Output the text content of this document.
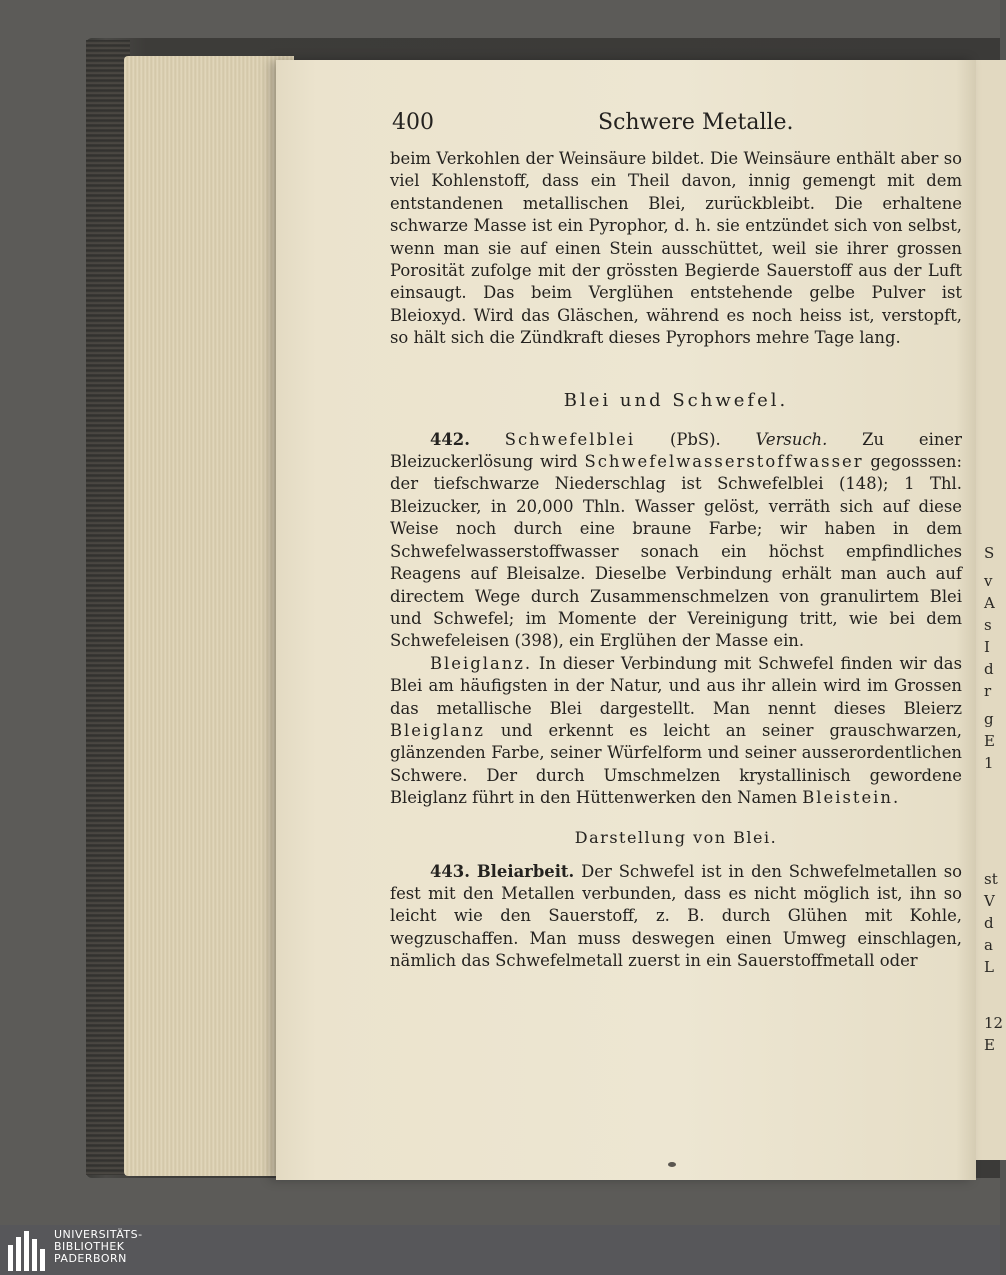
S
v
A
s
I
d
r
g
E
1
st
V
d
a
L
12
E
400	Schwere Metalle.

beim Verkohlen der Weinsäure bildet. Die Weinsäure enthält aber so viel Kohlenstoff, dass ein Theil davon, innig gemengt mit dem entstandenen metallischen Blei, zurückbleibt. Die erhaltene schwarze Masse ist ein Pyrophor, d. h. sie entzündet sich von selbst, wenn man sie auf einen Stein ausschüttet, weil sie ihrer grossen Porosität zufolge mit der grössten Begierde Sauerstoff aus der Luft einsaugt. Das beim Verglühen entstehende gelbe Pulver ist Bleioxyd. Wird das Gläschen, während es noch heiss ist, verstopft, so hält sich die Zündkraft dieses Pyrophors mehre Tage lang.

Blei und Schwefel.

442. Schwefelblei (PbS). Versuch. Zu einer Bleizuckerlösung wird Schwefelwasserstoffwasser gegosssen: der tiefschwarze Niederschlag ist Schwefelblei (148); 1 Thl. Bleizucker, in 20,000 Thln. Wasser gelöst, verräth sich auf diese Weise noch durch eine braune Farbe; wir haben in dem Schwefelwasserstoffwasser sonach ein höchst empfindliches Reagens auf Bleisalze. Dieselbe Verbindung erhält man auch auf directem Wege durch Zusammenschmelzen von granulirtem Blei und Schwefel; im Momente der Vereinigung tritt, wie bei dem Schwefeleisen (398), ein Erglühen der Masse ein.

Bleiglanz. In dieser Verbindung mit Schwefel finden wir das Blei am häufigsten in der Natur, und aus ihr allein wird im Grossen das metallische Blei dargestellt. Man nennt dieses Bleierz Bleiglanz und erkennt es leicht an seiner grauschwarzen, glänzenden Farbe, seiner Würfelform und seiner ausserordentlichen Schwere. Der durch Umschmelzen krystallinisch gewordene Bleiglanz führt in den Hüttenwerken den Namen Bleistein.

Darstellung von Blei.

443. Bleiarbeit. Der Schwefel ist in den Schwefelmetallen so fest mit den Metallen verbunden, dass es nicht möglich ist, ihn so leicht wie den Sauerstoff, z. B. durch Glühen mit Kohle, wegzuschaffen. Man muss deswegen einen Umweg einschlagen, nämlich das Schwefelmetall zuerst in ein Sauerstoffmetall oder

UNIVERSITÄTS-
BIBLIOTHEK
PADERBORN
